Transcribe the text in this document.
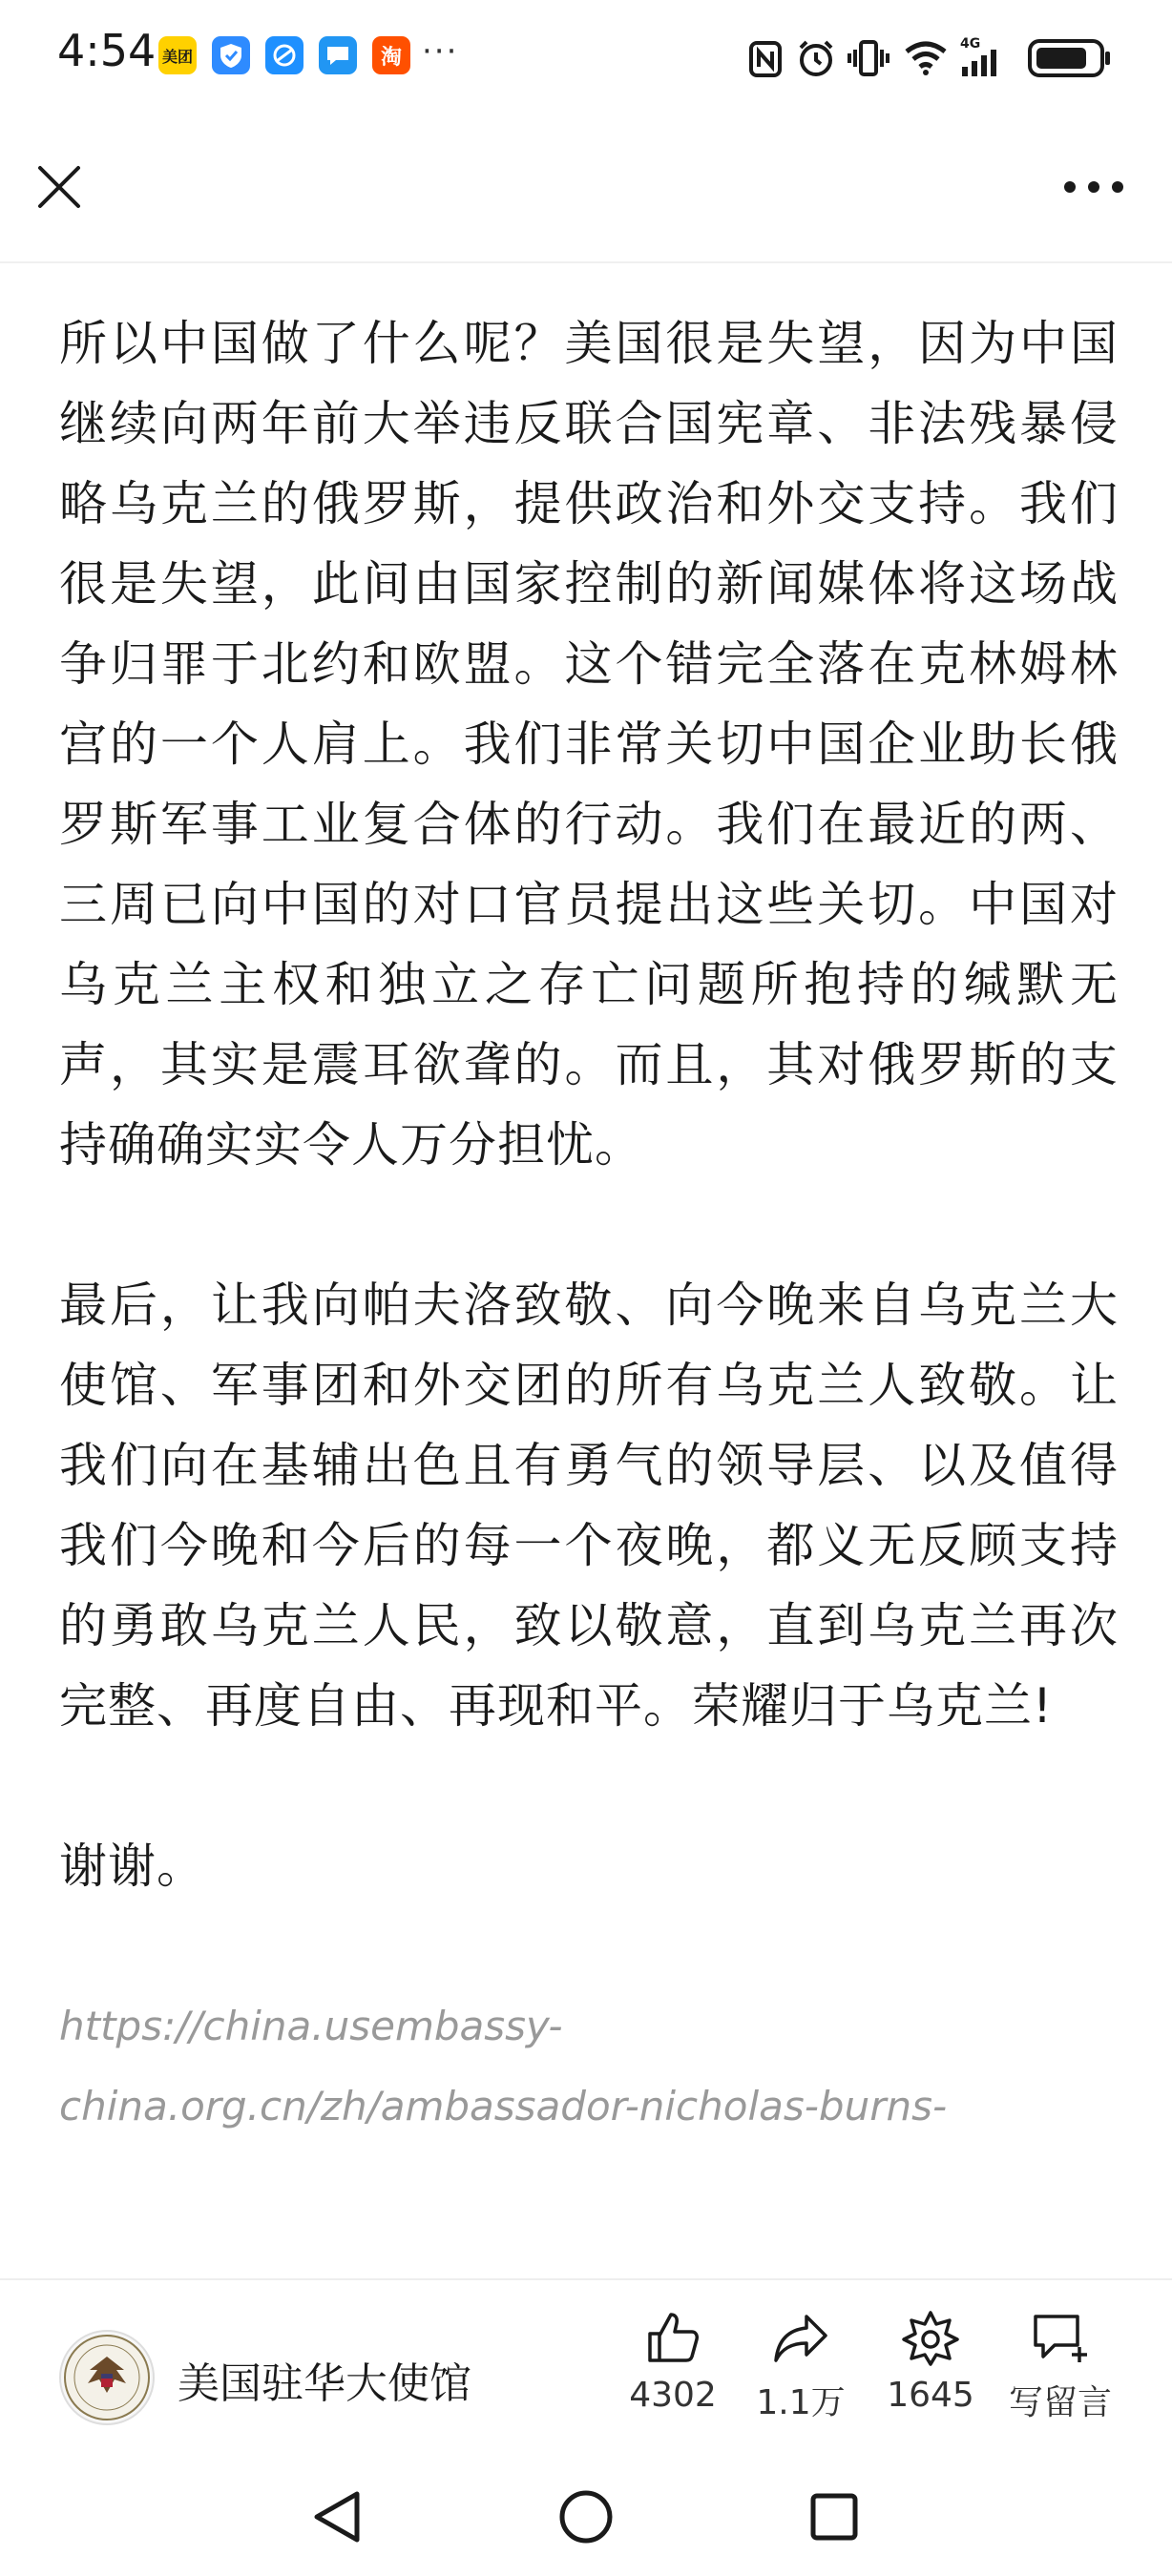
4:54 美团	淘 ···	4G

所以中国做了什么呢？美国很是失望，因为中国继续向两年前大举违反联合国宪章、非法残暴侵略乌克兰的俄罗斯，提供政治和外交支持。我们很是失望，此间由国家控制的新闻媒体将这场战争归罪于北约和欧盟。这个错完全落在克林姆林宫的一个人肩上。我们非常关切中国企业助长俄罗斯军事工业复合体的行动。我们在最近的两、三周已向中国的对口官员提出这些关切。中国对乌克兰主权和独立之存亡问题所抱持的缄默无声，其实是震耳欲聋的。而且，其对俄罗斯的支持确确实实令人万分担忧。

最后，让我向帕夫洛致敬、向今晚来自乌克兰大使馆、军事团和外交团的所有乌克兰人致敬。让我们向在基辅出色且有勇气的领导层、以及值得我们今晚和今后的每一个夜晚，都义无反顾支持的勇敢乌克兰人民，致以敬意，直到乌克兰再次完整、再度自由、再现和平。荣耀归于乌克兰!

谢谢。

https://china.usembassy-
china.org.cn/zh/ambassador-nicholas-burns-
美国驻华大使馆	4302	1.1万	1645	写留言
